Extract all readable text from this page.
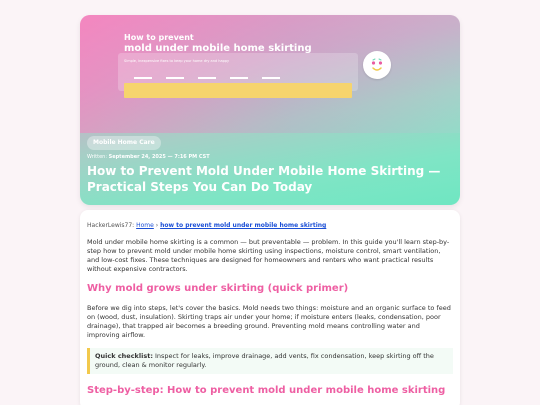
How to prevent
mold under mobile home skirting
Simple, inexpensive fixes to keep your home dry and happy
Mobile Home Care
Written: September 24, 2025 — 7:16 PM CST
How to Prevent Mold Under Mobile Home Skirting — Practical Steps You Can Do Today
HackerLewis77: Home › how to prevent mold under mobile home skirting

Mold under mobile home skirting is a common — but preventable — problem. In this guide you'll learn step-by-step how to prevent mold under mobile home skirting using inspections, moisture control, smart ventilation, and low-cost fixes. These techniques are designed for homeowners and renters who want practical results without expensive contractors.

Why mold grows under skirting (quick primer)

Before we dig into steps, let's cover the basics. Mold needs two things: moisture and an organic surface to feed on (wood, dust, insulation). Skirting traps air under your home; if moisture enters (leaks, condensation, poor drainage), that trapped air becomes a breeding ground. Preventing mold means controlling water and improving airflow.

Quick checklist: Inspect for leaks, improve drainage, add vents, fix condensation, keep skirting off the ground, clean & monitor regularly.
Step-by-step: How to prevent mold under mobile home skirting
